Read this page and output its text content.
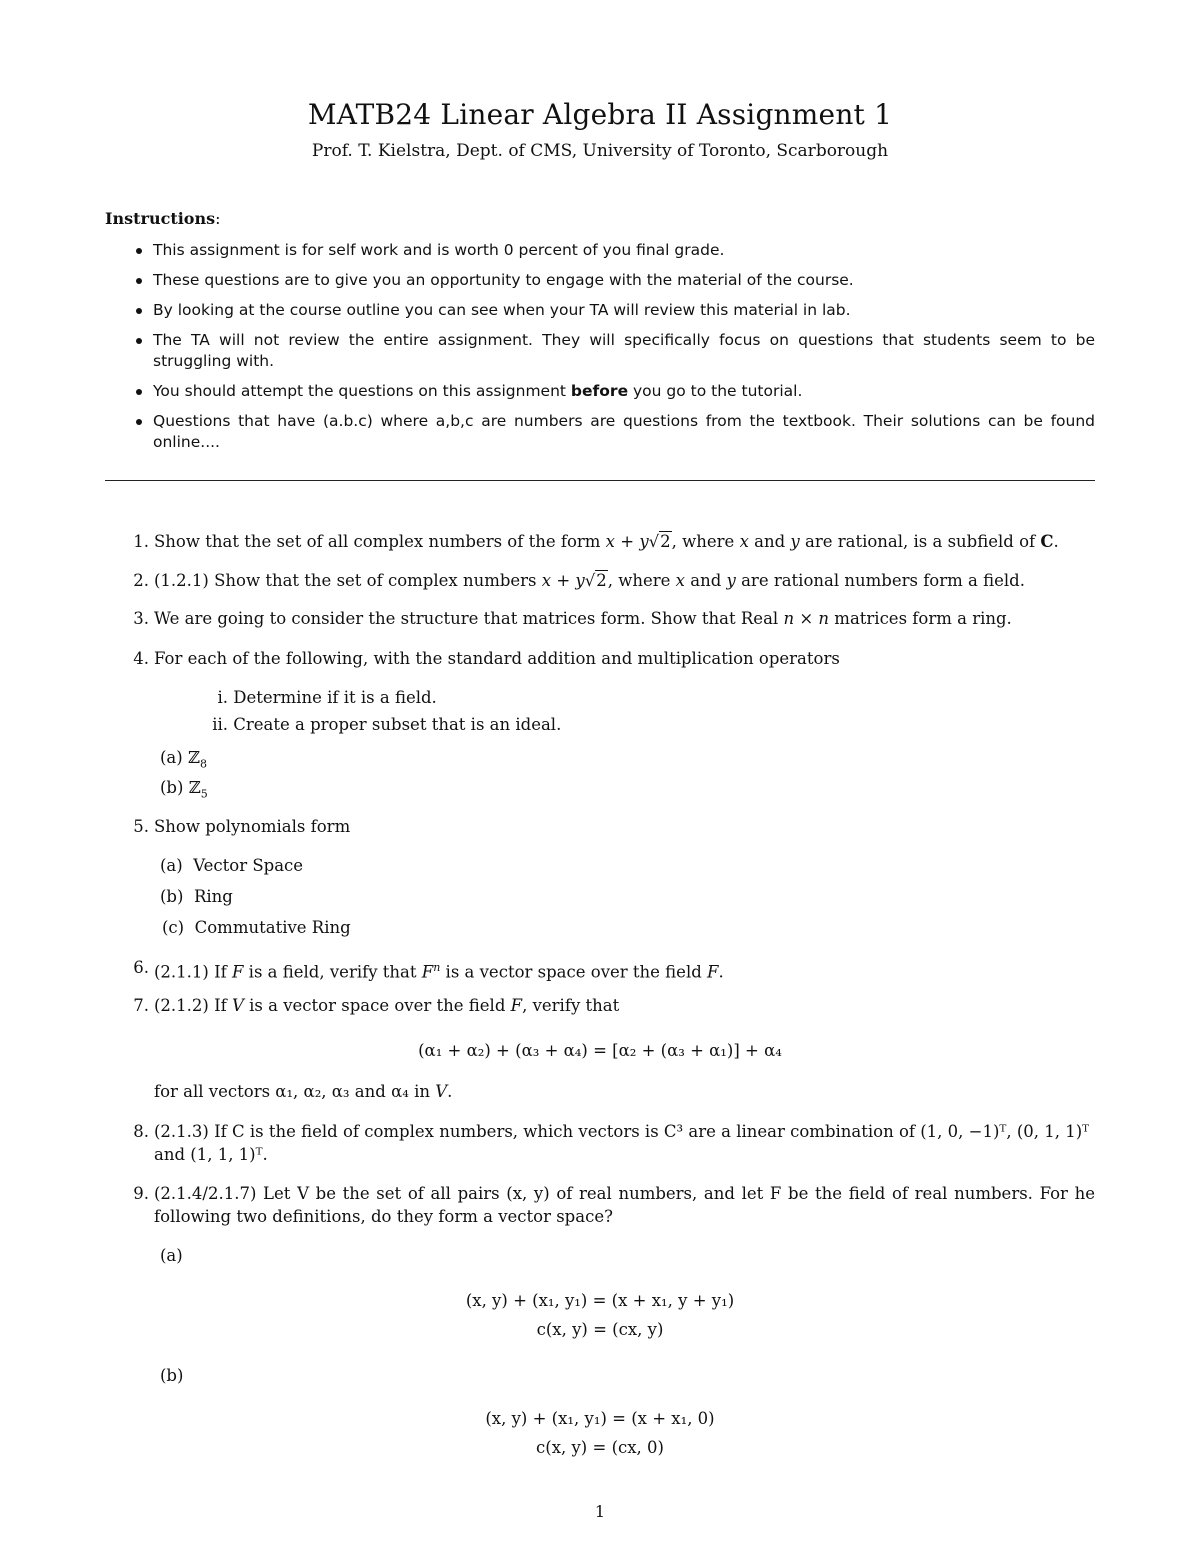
MATB24 Linear Algebra II Assignment 1
Prof. T. Kielstra, Dept. of CMS, University of Toronto, Scarborough
Instructions:
This assignment is for self work and is worth 0 percent of you final grade.
These questions are to give you an opportunity to engage with the material of the course.
By looking at the course outline you can see when your TA will review this material in lab.
The TA will not review the entire assignment. They will specifically focus on questions that students seem to be struggling with.
You should attempt the questions on this assignment before you go to the tutorial.
Questions that have (a.b.c) where a,b,c are numbers are questions from the textbook. Their solutions can be found online....
1. Show that the set of all complex numbers of the form x + y√2, where x and y are rational, is a subfield of C.
2. (1.2.1) Show that the set of complex numbers x + y√2, where x and y are rational numbers form a field.
3. We are going to consider the structure that matrices form. Show that Real n × n matrices form a ring.
4. For each of the following, with the standard addition and multiplication operators
i. Determine if it is a field.
ii. Create a proper subset that is an ideal.
(a) ℤ$_8$
(b) ℤ$_5$
5. Show polynomials form
(a) Vector Space
(b) Ring
(c) Commutative Ring
6. (2.1.1) If F is a field, verify that $F^n$ is a vector space over the field F.
7. (2.1.2) If V is a vector space over the field F, verify that
(α₁ + α₂) + (α₃ + α₄) = [α₂ + (α₃ + α₁)] + α₄
for all vectors α₁, α₂, α₃ and α₄ in V.
8. (2.1.3) If C is the field of complex numbers, which vectors is C³ are a linear combination of (1, 0, −1)ᵀ, (0, 1, 1)ᵀ
and (1, 1, 1)ᵀ.
9. (2.1.4/2.1.7) Let V be the set of all pairs (x, y) of real numbers, and let F be the field of real numbers. For he following two definitions, do they form a vector space?
(a)
(x, y) + (x₁, y₁) = (x + x₁, y + y₁)
c(x, y) = (cx, y)
(b)
(x, y) + (x₁, y₁) = (x + x₁, 0)
c(x, y) = (cx, 0)
1
